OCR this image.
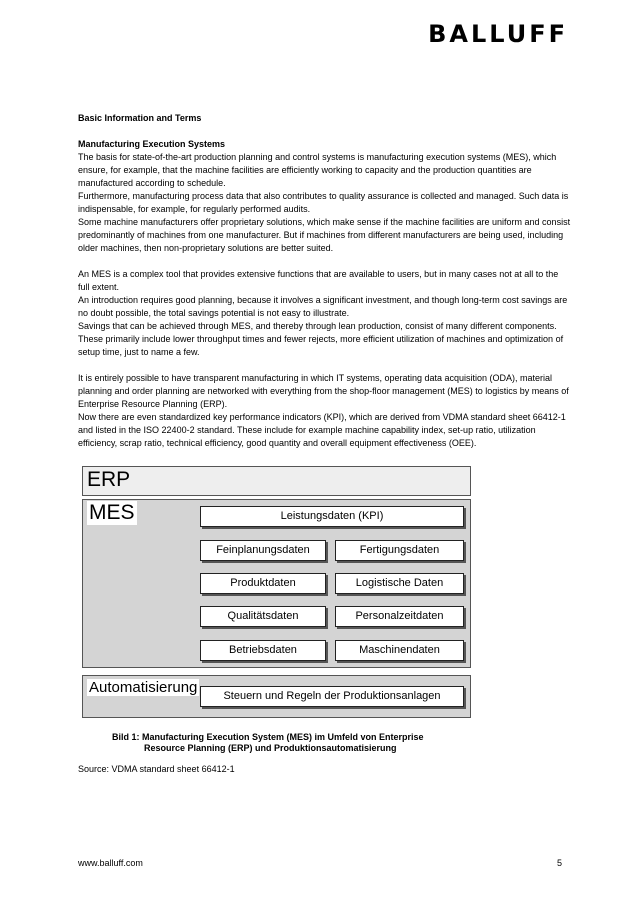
BALLUFF

Basic Information and Terms

Manufacturing Execution Systems

The basis for state-of-the-art production planning and control systems is manufacturing execution systems (MES), which ensure, for example, that the machine facilities are efficiently working to capacity and the production quantities are manufactured according to schedule.

Furthermore, manufacturing process data that also contributes to quality assurance is collected and managed. Such data is indispensable, for example, for regularly performed audits.

Some machine manufacturers offer proprietary solutions, which make sense if the machine facilities are uniform and consist predominantly of machines from one manufacturer. But if machines from different manufacturers are being used, including older machines, then non-proprietary solutions are better suited.

An MES is a complex tool that provides extensive functions that are available to users, but in many cases not at all to the full extent.

An introduction requires good planning, because it involves a significant investment, and though long-term cost savings are no doubt possible, the total savings potential is not easy to illustrate.

Savings that can be achieved through MES, and thereby through lean production, consist of many different components. These primarily include lower throughput times and fewer rejects, more efficient utilization of machines and optimization of setup time, just to name a few.

It is entirely possible to have transparent manufacturing in which IT systems, operating data acquisition (ODA), material planning and order planning are networked with everything from the shop-floor management (MES) to logistics by means of Enterprise Resource Planning (ERP).

Now there are even standardized key performance indicators (KPI), which are derived from VDMA standard sheet 66412-1 and listed in the ISO 22400-2 standard. These include for example machine capability index, set-up ratio, utilization efficiency, scrap ratio, technical efficiency, good quantity and overall equipment effectiveness (OEE).

ERP
MES	Leistungsdaten (KPI)
Feinplanungsdaten	Fertigungsdaten
Produktdaten	Logistische Daten
Qualitätsdaten	Personalzeitdaten
Betriebsdaten	Maschinendaten
Automatisierung	Steuern und Regeln der Produktionsanlagen
Bild 1: Manufacturing Execution System (MES) im Umfeld von Enterprise
Resource Planning (ERP) und Produktionsautomatisierung
Source: VDMA standard sheet 66412-1
www.balluff.com	5
